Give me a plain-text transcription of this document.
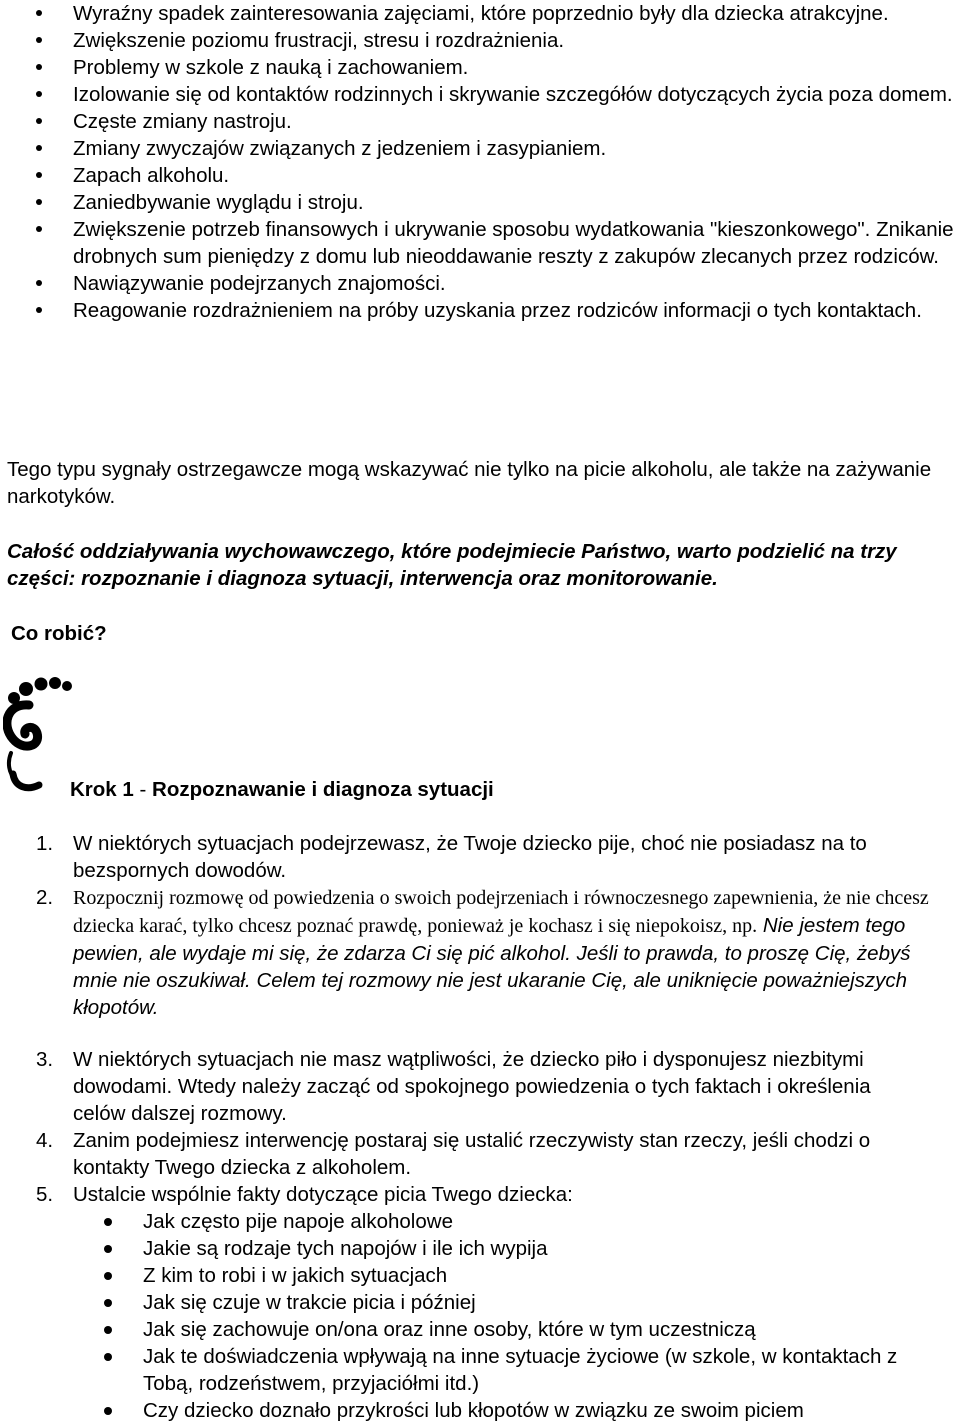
Wyraźny spadek zainteresowania zajęciami, które poprzednio były dla dziecka atrakcyjne.
Zwiększenie poziomu frustracji, stresu i rozdrażnienia.
Problemy w szkole z nauką i zachowaniem.
Izolowanie się od kontaktów rodzinnych i skrywanie szczegółów dotyczących życia poza domem.
Częste zmiany nastroju.
Zmiany zwyczajów związanych z jedzeniem i zasypianiem.
Zapach alkoholu.
Zaniedbywanie wyglądu i stroju.
Zwiększenie potrzeb finansowych i ukrywanie sposobu wydatkowania "kieszonkowego". Znikanie drobnych sum pieniędzy z domu lub nieoddawanie reszty z zakupów zlecanych przez rodziców.
Nawiązywanie podejrzanych znajomości.
Reagowanie rozdrażnieniem na próby uzyskania przez rodziców informacji o tych kontaktach.

Tego typu sygnały ostrzegawcze mogą wskazywać nie tylko na picie alkoholu, ale także na zażywanie narkotyków.

Całość oddziaływania wychowawczego, które podejmiecie Państwo, warto podzielić na trzy części: rozpoznanie i diagnoza sytuacji, interwencja oraz monitorowanie.

Co robić?

Krok 1 - Rozpoznawanie i diagnoza sytuacji

1. W niektórych sytuacjach podejrzewasz, że Twoje dziecko pije, choć nie posiadasz na to bezspornych dowodów.
2. Rozpocznij rozmowę od powiedzenia o swoich podejrzeniach i równoczesnego zapewnienia, że nie chcesz dziecka karać, tylko chcesz poznać prawdę, ponieważ je kochasz i się niepokoisz, np. Nie jestem tego pewien, ale wydaje mi się, że zdarza Ci się pić alkohol. Jeśli to prawda, to proszę Cię, żebyś mnie nie oszukiwał. Celem tej rozmowy nie jest ukaranie Cię, ale uniknięcie poważniejszych kłopotów.
3. W niektórych sytuacjach nie masz wątpliwości, że dziecko piło i dysponujesz niezbitymi dowodami. Wtedy należy zacząć od spokojnego powiedzenia o tych faktach i określenia celów dalszej rozmowy.
4. Zanim podejmiesz interwencję postaraj się ustalić rzeczywisty stan rzeczy, jeśli chodzi o kontakty Twego dziecka z alkoholem.
5. Ustalcie wspólnie fakty dotyczące picia Twego dziecka:
Jak często pije napoje alkoholowe
Jakie są rodzaje tych napojów i ile ich wypija
Z kim to robi i w jakich sytuacjach
Jak się czuje w trakcie picia i później
Jak się zachowuje on/ona oraz inne osoby, które w tym uczestniczą
Jak te doświadczenia wpływają na inne sytuacje życiowe (w szkole, w kontaktach z Tobą, rodzeństwem, przyjaciółmi itd.)
Czy dziecko doznało przykrości lub kłopotów w związku ze swoim piciem
